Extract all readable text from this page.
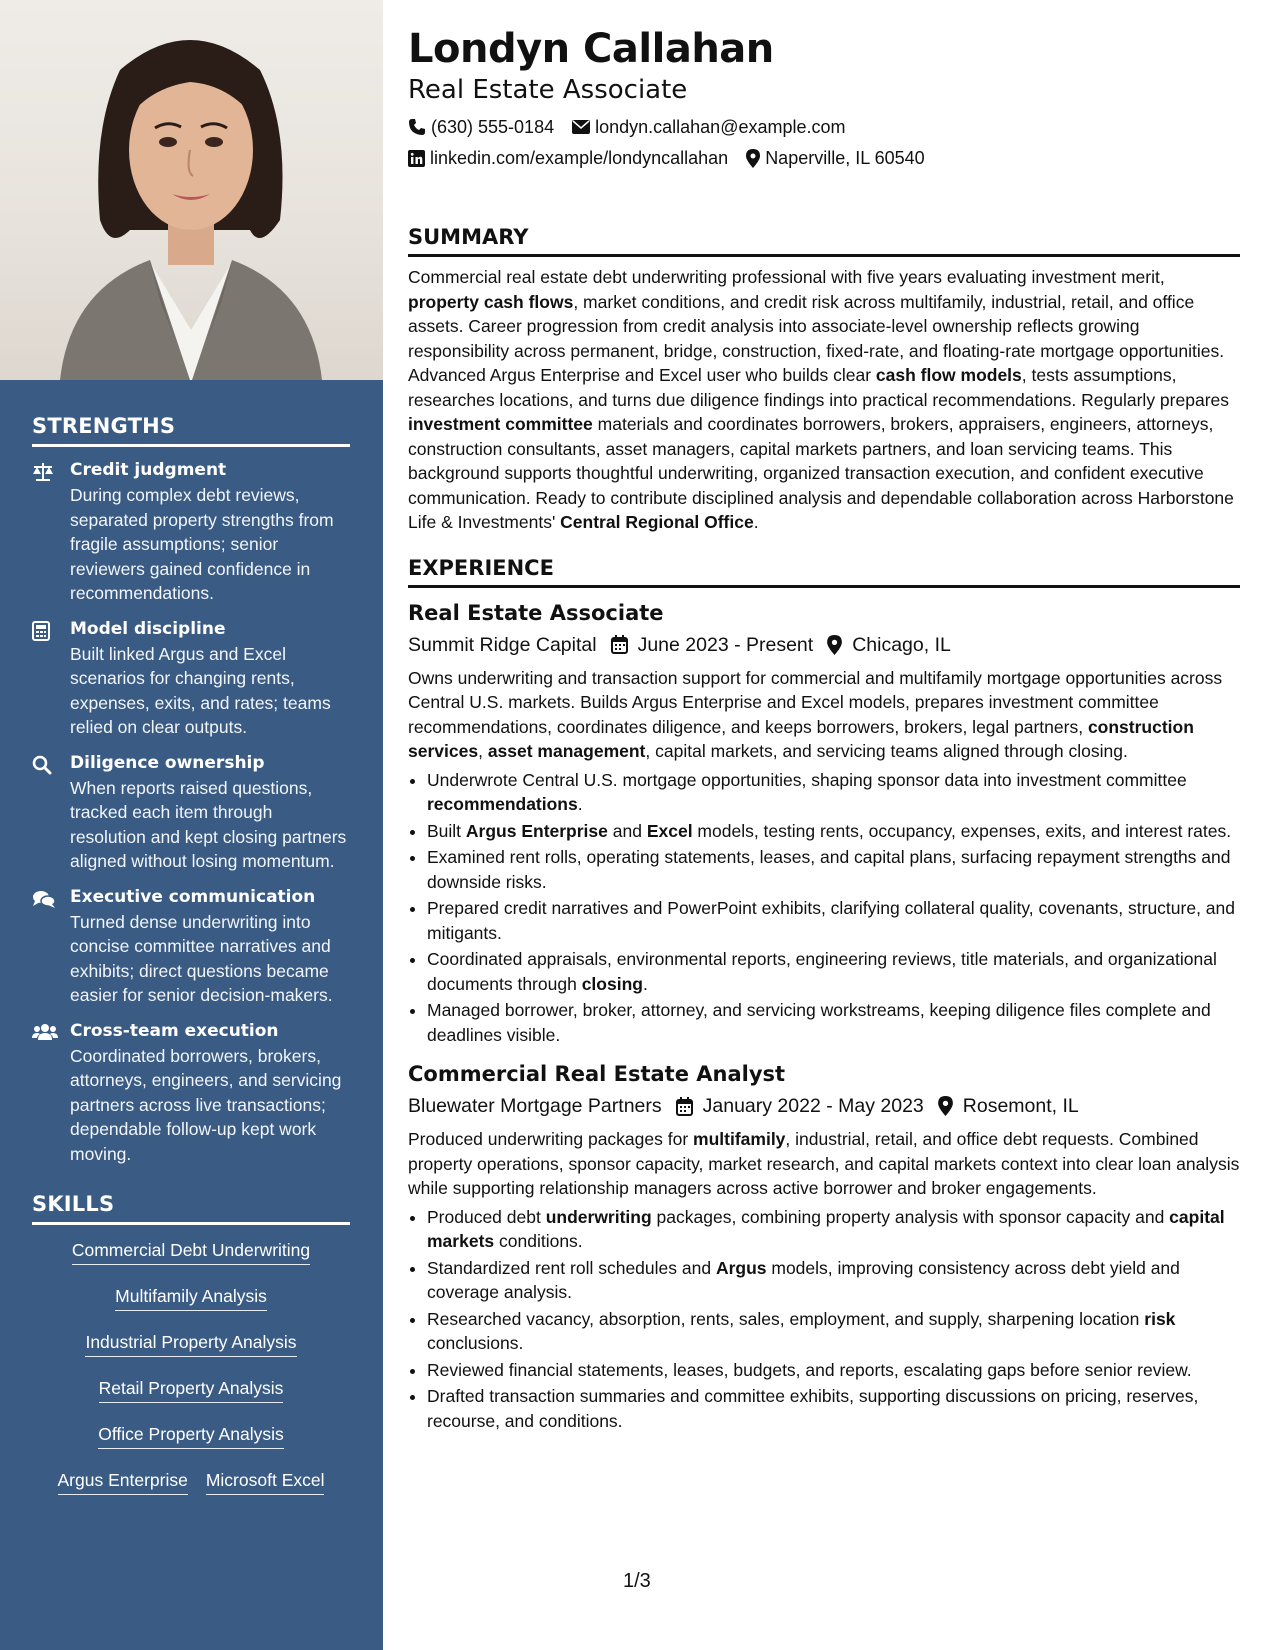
STRENGTHS
Credit judgment
During complex debt reviews, separated property strengths from fragile assumptions; senior reviewers gained confidence in recommendations.
Model discipline
Built linked Argus and Excel scenarios for changing rents, expenses, exits, and rates; teams relied on clear outputs.
Diligence ownership
When reports raised questions, tracked each item through resolution and kept closing partners aligned without losing momentum.
Executive communication
Turned dense underwriting into concise committee narratives and exhibits; direct questions became easier for senior decision-makers.
Cross-team execution
Coordinated borrowers, brokers, attorneys, engineers, and servicing partners across live transactions; dependable follow-up kept work moving.
SKILLS
Commercial Debt Underwriting
Multifamily Analysis
Industrial Property Analysis
Retail Property Analysis
Office Property Analysis
Argus Enterprise Microsoft Excel
Londyn Callahan
Real Estate Associate
(630) 555-0184 londyn.callahan@example.com
linkedin.com/example/londyncallahan Naperville, IL 60540
SUMMARY
Commercial real estate debt underwriting professional with five years evaluating investment merit, property cash flows, market conditions, and credit risk across multifamily, industrial, retail, and office assets. Career progression from credit analysis into associate-level ownership reflects growing responsibility across permanent, bridge, construction, fixed-rate, and floating-rate mortgage opportunities. Advanced Argus Enterprise and Excel user who builds clear cash flow models, tests assumptions, researches locations, and turns due diligence findings into practical recommendations. Regularly prepares investment committee materials and coordinates borrowers, brokers, appraisers, engineers, attorneys, construction consultants, asset managers, capital markets partners, and loan servicing teams. This background supports thoughtful underwriting, organized transaction execution, and confident executive communication. Ready to contribute disciplined analysis and dependable collaboration across Harborstone Life & Investments' Central Regional Office.
EXPERIENCE
Real Estate Associate
Summit Ridge Capital June 2023 - Present Chicago, IL
Owns underwriting and transaction support for commercial and multifamily mortgage opportunities across Central U.S. markets. Builds Argus Enterprise and Excel models, prepares investment committee recommendations, coordinates diligence, and keeps borrowers, brokers, legal partners, construction services, asset management, capital markets, and servicing teams aligned through closing.
• Underwrote Central U.S. mortgage opportunities, shaping sponsor data into investment committee recommendations.
• Built Argus Enterprise and Excel models, testing rents, occupancy, expenses, exits, and interest rates.
• Examined rent rolls, operating statements, leases, and capital plans, surfacing repayment strengths and downside risks.
• Prepared credit narratives and PowerPoint exhibits, clarifying collateral quality, covenants, structure, and mitigants.
• Coordinated appraisals, environmental reports, engineering reviews, title materials, and organizational documents through closing.
• Managed borrower, broker, attorney, and servicing workstreams, keeping diligence files complete and deadlines visible.
Commercial Real Estate Analyst
Bluewater Mortgage Partners January 2022 - May 2023 Rosemont, IL
Produced underwriting packages for multifamily, industrial, retail, and office debt requests. Combined property operations, sponsor capacity, market research, and capital markets context into clear loan analysis while supporting relationship managers across active borrower and broker engagements.
• Produced debt underwriting packages, combining property analysis with sponsor capacity and capital markets conditions.
• Standardized rent roll schedules and Argus models, improving consistency across debt yield and coverage analysis.
• Researched vacancy, absorption, rents, sales, employment, and supply, sharpening location risk conclusions.
• Reviewed financial statements, leases, budgets, and reports, escalating gaps before senior review.
• Drafted transaction summaries and committee exhibits, supporting discussions on pricing, reserves, recourse, and conditions.
1/3
